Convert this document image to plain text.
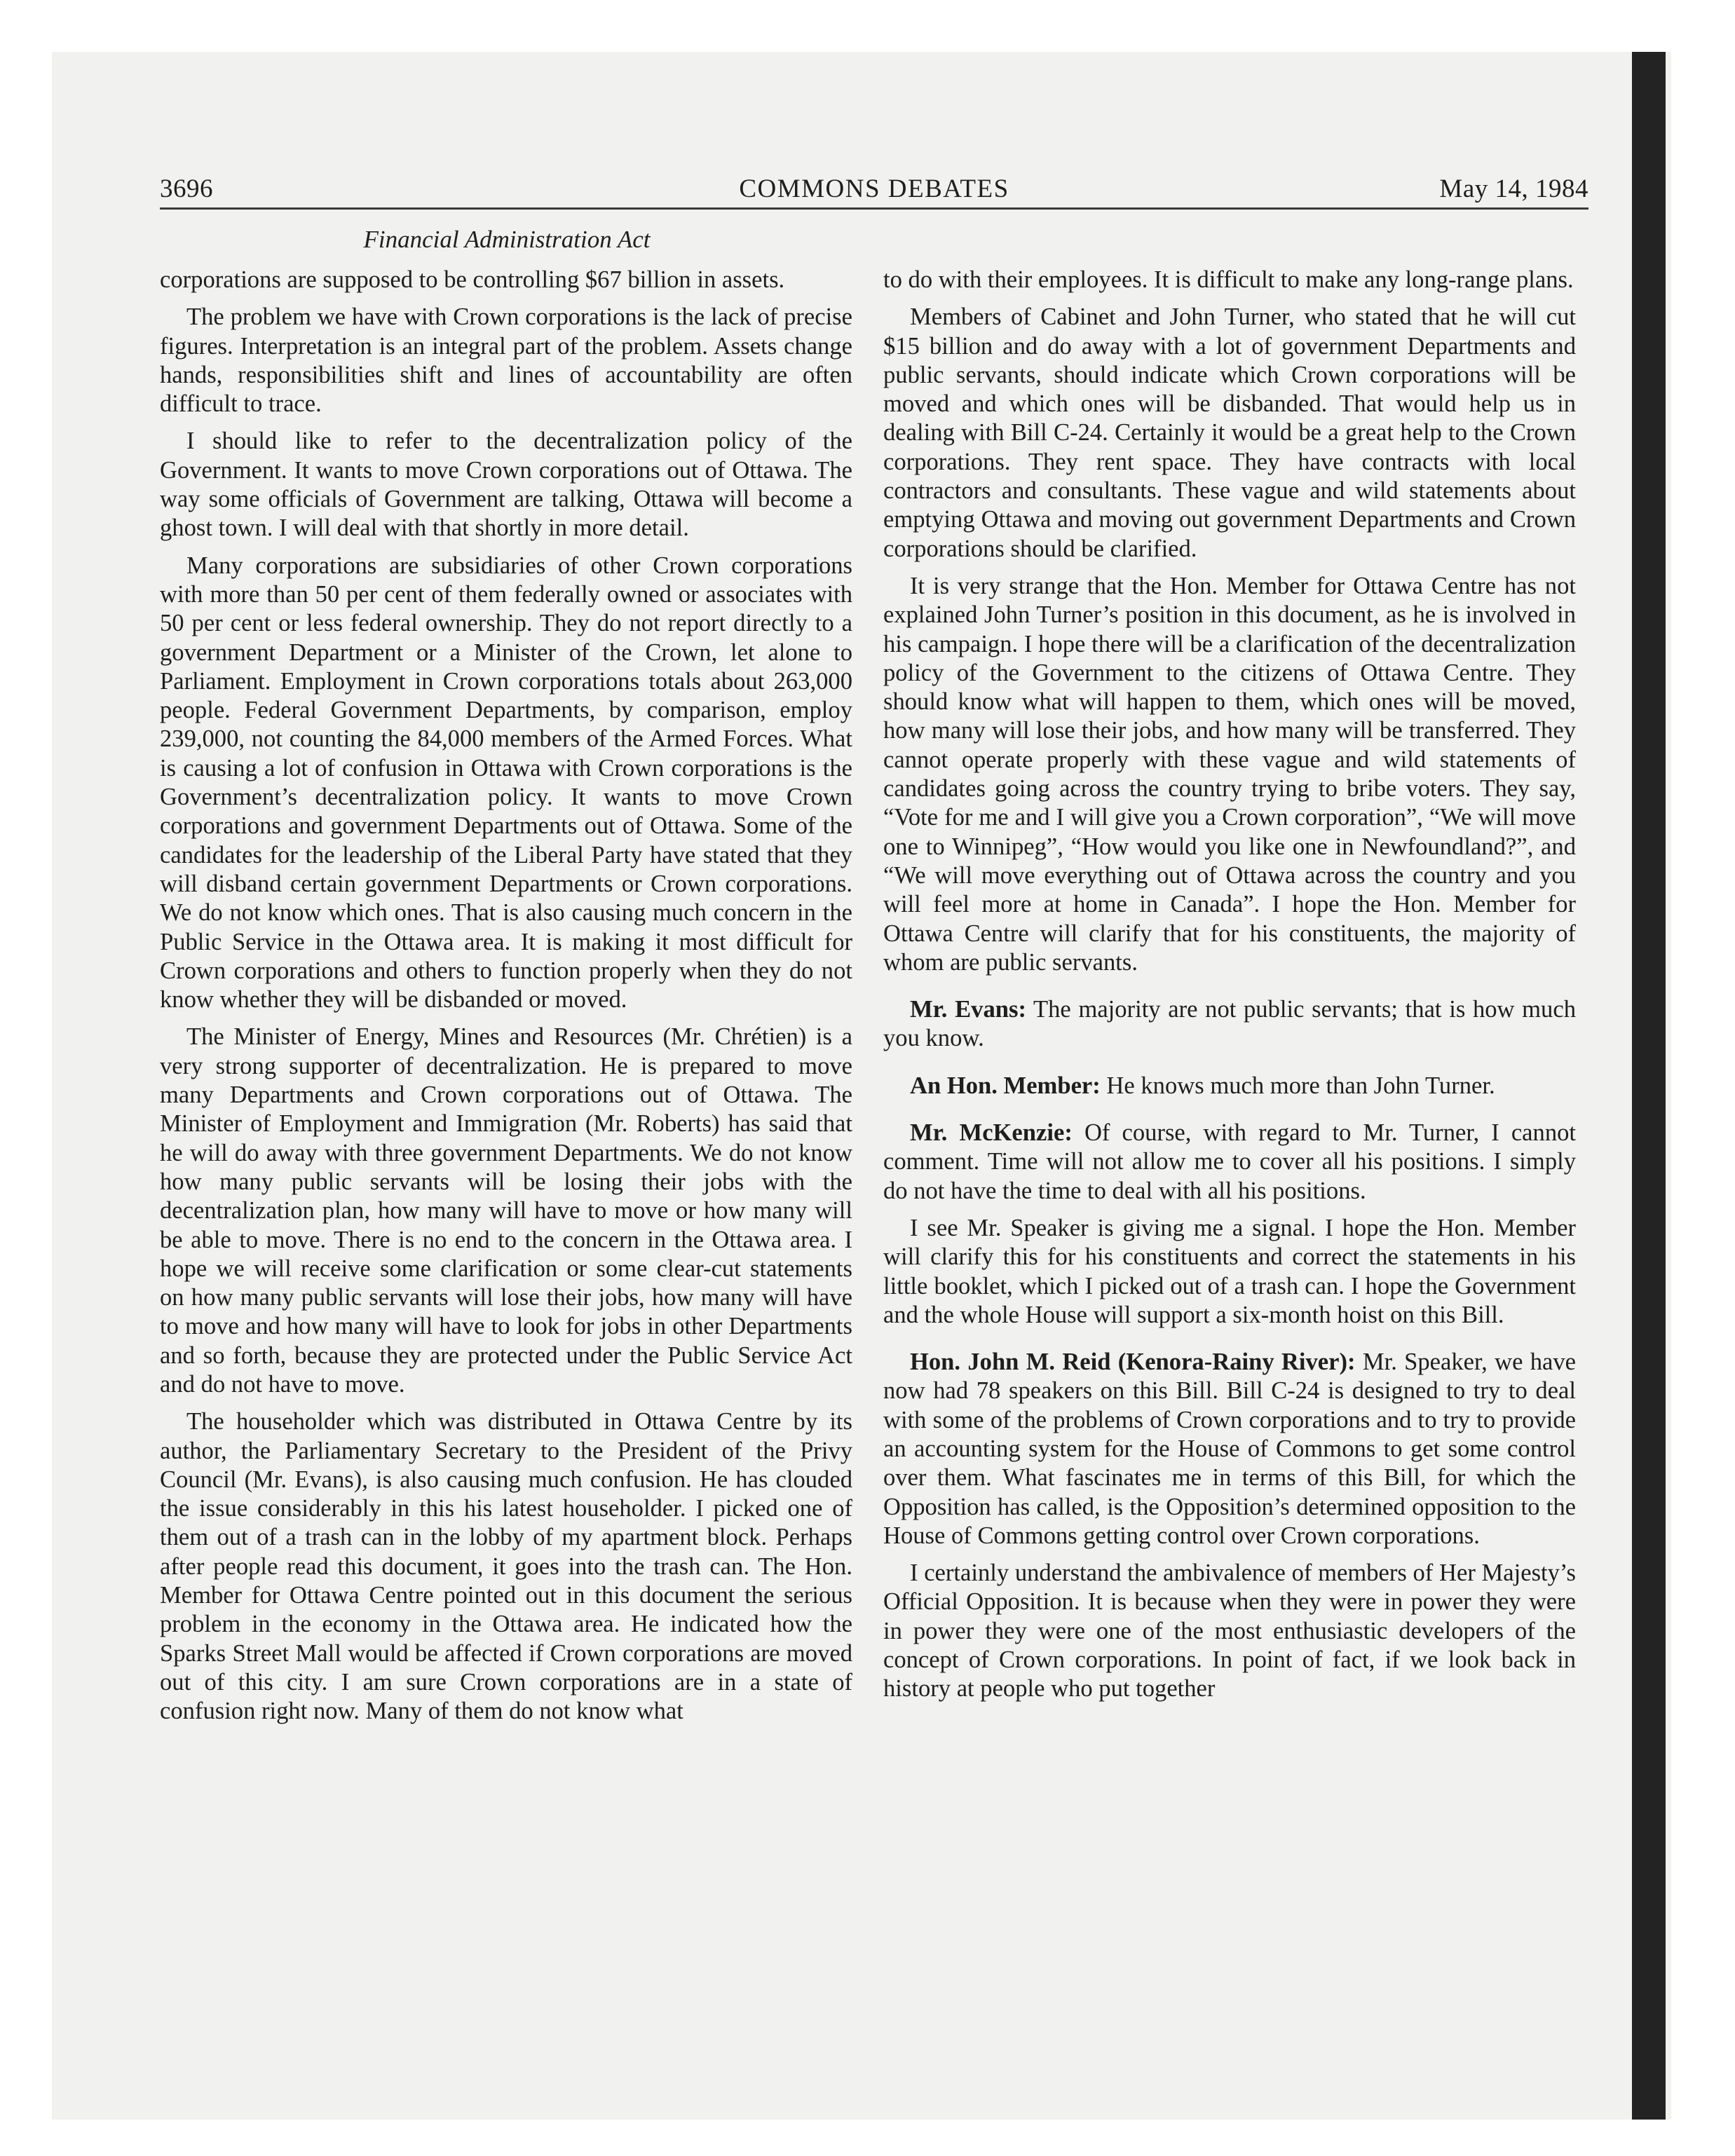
3696	COMMONS DEBATES	May 14, 1984
Financial Administration Act

corporations are supposed to be controlling $67 billion in assets.

The problem we have with Crown corporations is the lack of precise figures. Interpretation is an integral part of the problem. Assets change hands, responsibilities shift and lines of accountability are often difficult to trace.

I should like to refer to the decentralization policy of the Government. It wants to move Crown corporations out of Ottawa. The way some officials of Government are talking, Ottawa will become a ghost town. I will deal with that shortly in more detail.

Many corporations are subsidiaries of other Crown corporations with more than 50 per cent of them federally owned or associates with 50 per cent or less federal ownership. They do not report directly to a government Department or a Minister of the Crown, let alone to Parliament. Employment in Crown corporations totals about 263,000 people. Federal Government Departments, by comparison, employ 239,000, not counting the 84,000 members of the Armed Forces. What is causing a lot of confusion in Ottawa with Crown corporations is the Government’s decentralization policy. It wants to move Crown corporations and government Departments out of Ottawa. Some of the candidates for the leadership of the Liberal Party have stated that they will disband certain government Departments or Crown corporations. We do not know which ones. That is also causing much concern in the Public Service in the Ottawa area. It is making it most difficult for Crown corporations and others to function properly when they do not know whether they will be disbanded or moved.

The Minister of Energy, Mines and Resources (Mr. Chrétien) is a very strong supporter of decentralization. He is prepared to move many Departments and Crown corporations out of Ottawa. The Minister of Employment and Immigration (Mr. Roberts) has said that he will do away with three government Departments. We do not know how many public servants will be losing their jobs with the decentralization plan, how many will have to move or how many will be able to move. There is no end to the concern in the Ottawa area. I hope we will receive some clarification or some clear-cut statements on how many public servants will lose their jobs, how many will have to move and how many will have to look for jobs in other Departments and so forth, because they are protected under the Public Service Act and do not have to move.

The householder which was distributed in Ottawa Centre by its author, the Parliamentary Secretary to the President of the Privy Council (Mr. Evans), is also causing much confusion. He has clouded the issue considerably in this his latest householder. I picked one of them out of a trash can in the lobby of my apartment block. Perhaps after people read this document, it goes into the trash can. The Hon. Member for Ottawa Centre pointed out in this document the serious problem in the economy in the Ottawa area. He indicated how the Sparks Street Mall would be affected if Crown corporations are moved out of this city. I am sure Crown corporations are in a state of confusion right now. Many of them do not know what

to do with their employees. It is difficult to make any long-range plans.

Members of Cabinet and John Turner, who stated that he will cut $15 billion and do away with a lot of government Departments and public servants, should indicate which Crown corporations will be moved and which ones will be disbanded. That would help us in dealing with Bill C-24. Certainly it would be a great help to the Crown corporations. They rent space. They have contracts with local contractors and consultants. These vague and wild statements about emptying Ottawa and moving out government Departments and Crown corporations should be clarified.

It is very strange that the Hon. Member for Ottawa Centre has not explained John Turner’s position in this document, as he is involved in his campaign. I hope there will be a clarification of the decentralization policy of the Government to the citizens of Ottawa Centre. They should know what will happen to them, which ones will be moved, how many will lose their jobs, and how many will be transferred. They cannot operate properly with these vague and wild statements of candidates going across the country trying to bribe voters. They say, “Vote for me and I will give you a Crown corporation”, “We will move one to Winnipeg”, “How would you like one in Newfoundland?”, and “We will move everything out of Ottawa across the country and you will feel more at home in Canada”. I hope the Hon. Member for Ottawa Centre will clarify that for his constituents, the majority of whom are public servants.

Mr. Evans: The majority are not public servants; that is how much you know.

An Hon. Member: He knows much more than John Turner.

Mr. McKenzie: Of course, with regard to Mr. Turner, I cannot comment. Time will not allow me to cover all his positions. I simply do not have the time to deal with all his positions.

I see Mr. Speaker is giving me a signal. I hope the Hon. Member will clarify this for his constituents and correct the statements in his little booklet, which I picked out of a trash can. I hope the Government and the whole House will support a six-month hoist on this Bill.

Hon. John M. Reid (Kenora-Rainy River): Mr. Speaker, we have now had 78 speakers on this Bill. Bill C-24 is designed to try to deal with some of the problems of Crown corporations and to try to provide an accounting system for the House of Commons to get some control over them. What fascinates me in terms of this Bill, for which the Opposition has called, is the Opposition’s determined opposition to the House of Commons getting control over Crown corporations.

I certainly understand the ambivalence of members of Her Majesty’s Official Opposition. It is because when they were in power they were in power they were one of the most enthusiastic developers of the concept of Crown corporations. In point of fact, if we look back in history at people who put together
